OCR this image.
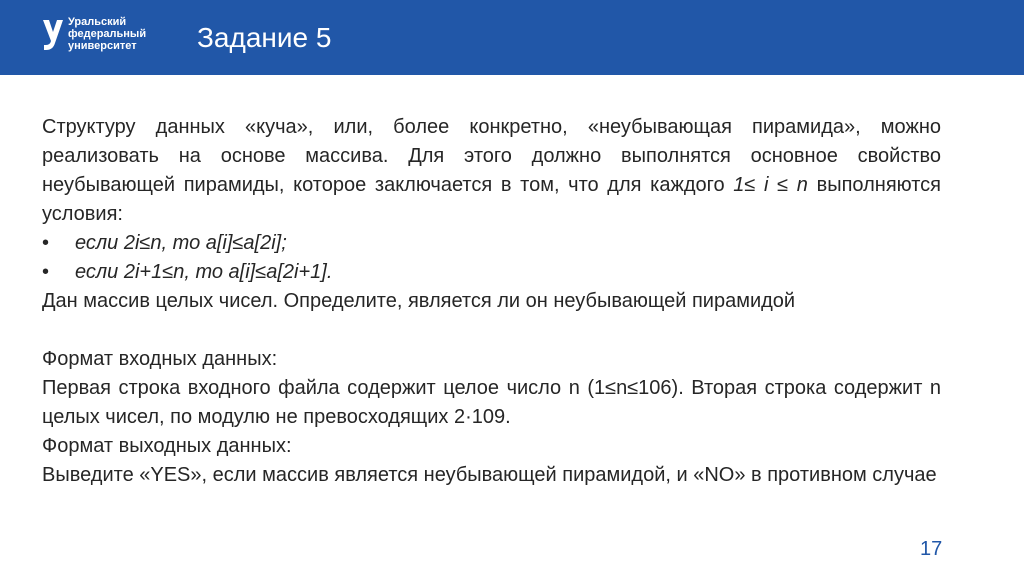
Уральский
федеральный
университет	Задание 5
Структуру данных «куча», или, более конкретно, «неубывающая пирамида», можно реализовать на основе массива. Для этого должно выполнятся основное свойство неубывающей пирамиды, которое заключается в том, что для каждого 1≤ i ≤ n выполняются условия:
• если 2i≤n, то a[i]≤a[2i];
• если 2i+1≤n, то a[i]≤a[2i+1].
Дан массив целых чисел. Определите, является ли он неубывающей пирамидой
Формат входных данных:
Первая строка входного файла содержит целое число n (1≤n≤106). Вторая строка содержит n целых чисел, по модулю не превосходящих 2·109.
Формат выходных данных:
Выведите «YES», если массив является неубывающей пирамидой, и «NO» в противном случае
17
